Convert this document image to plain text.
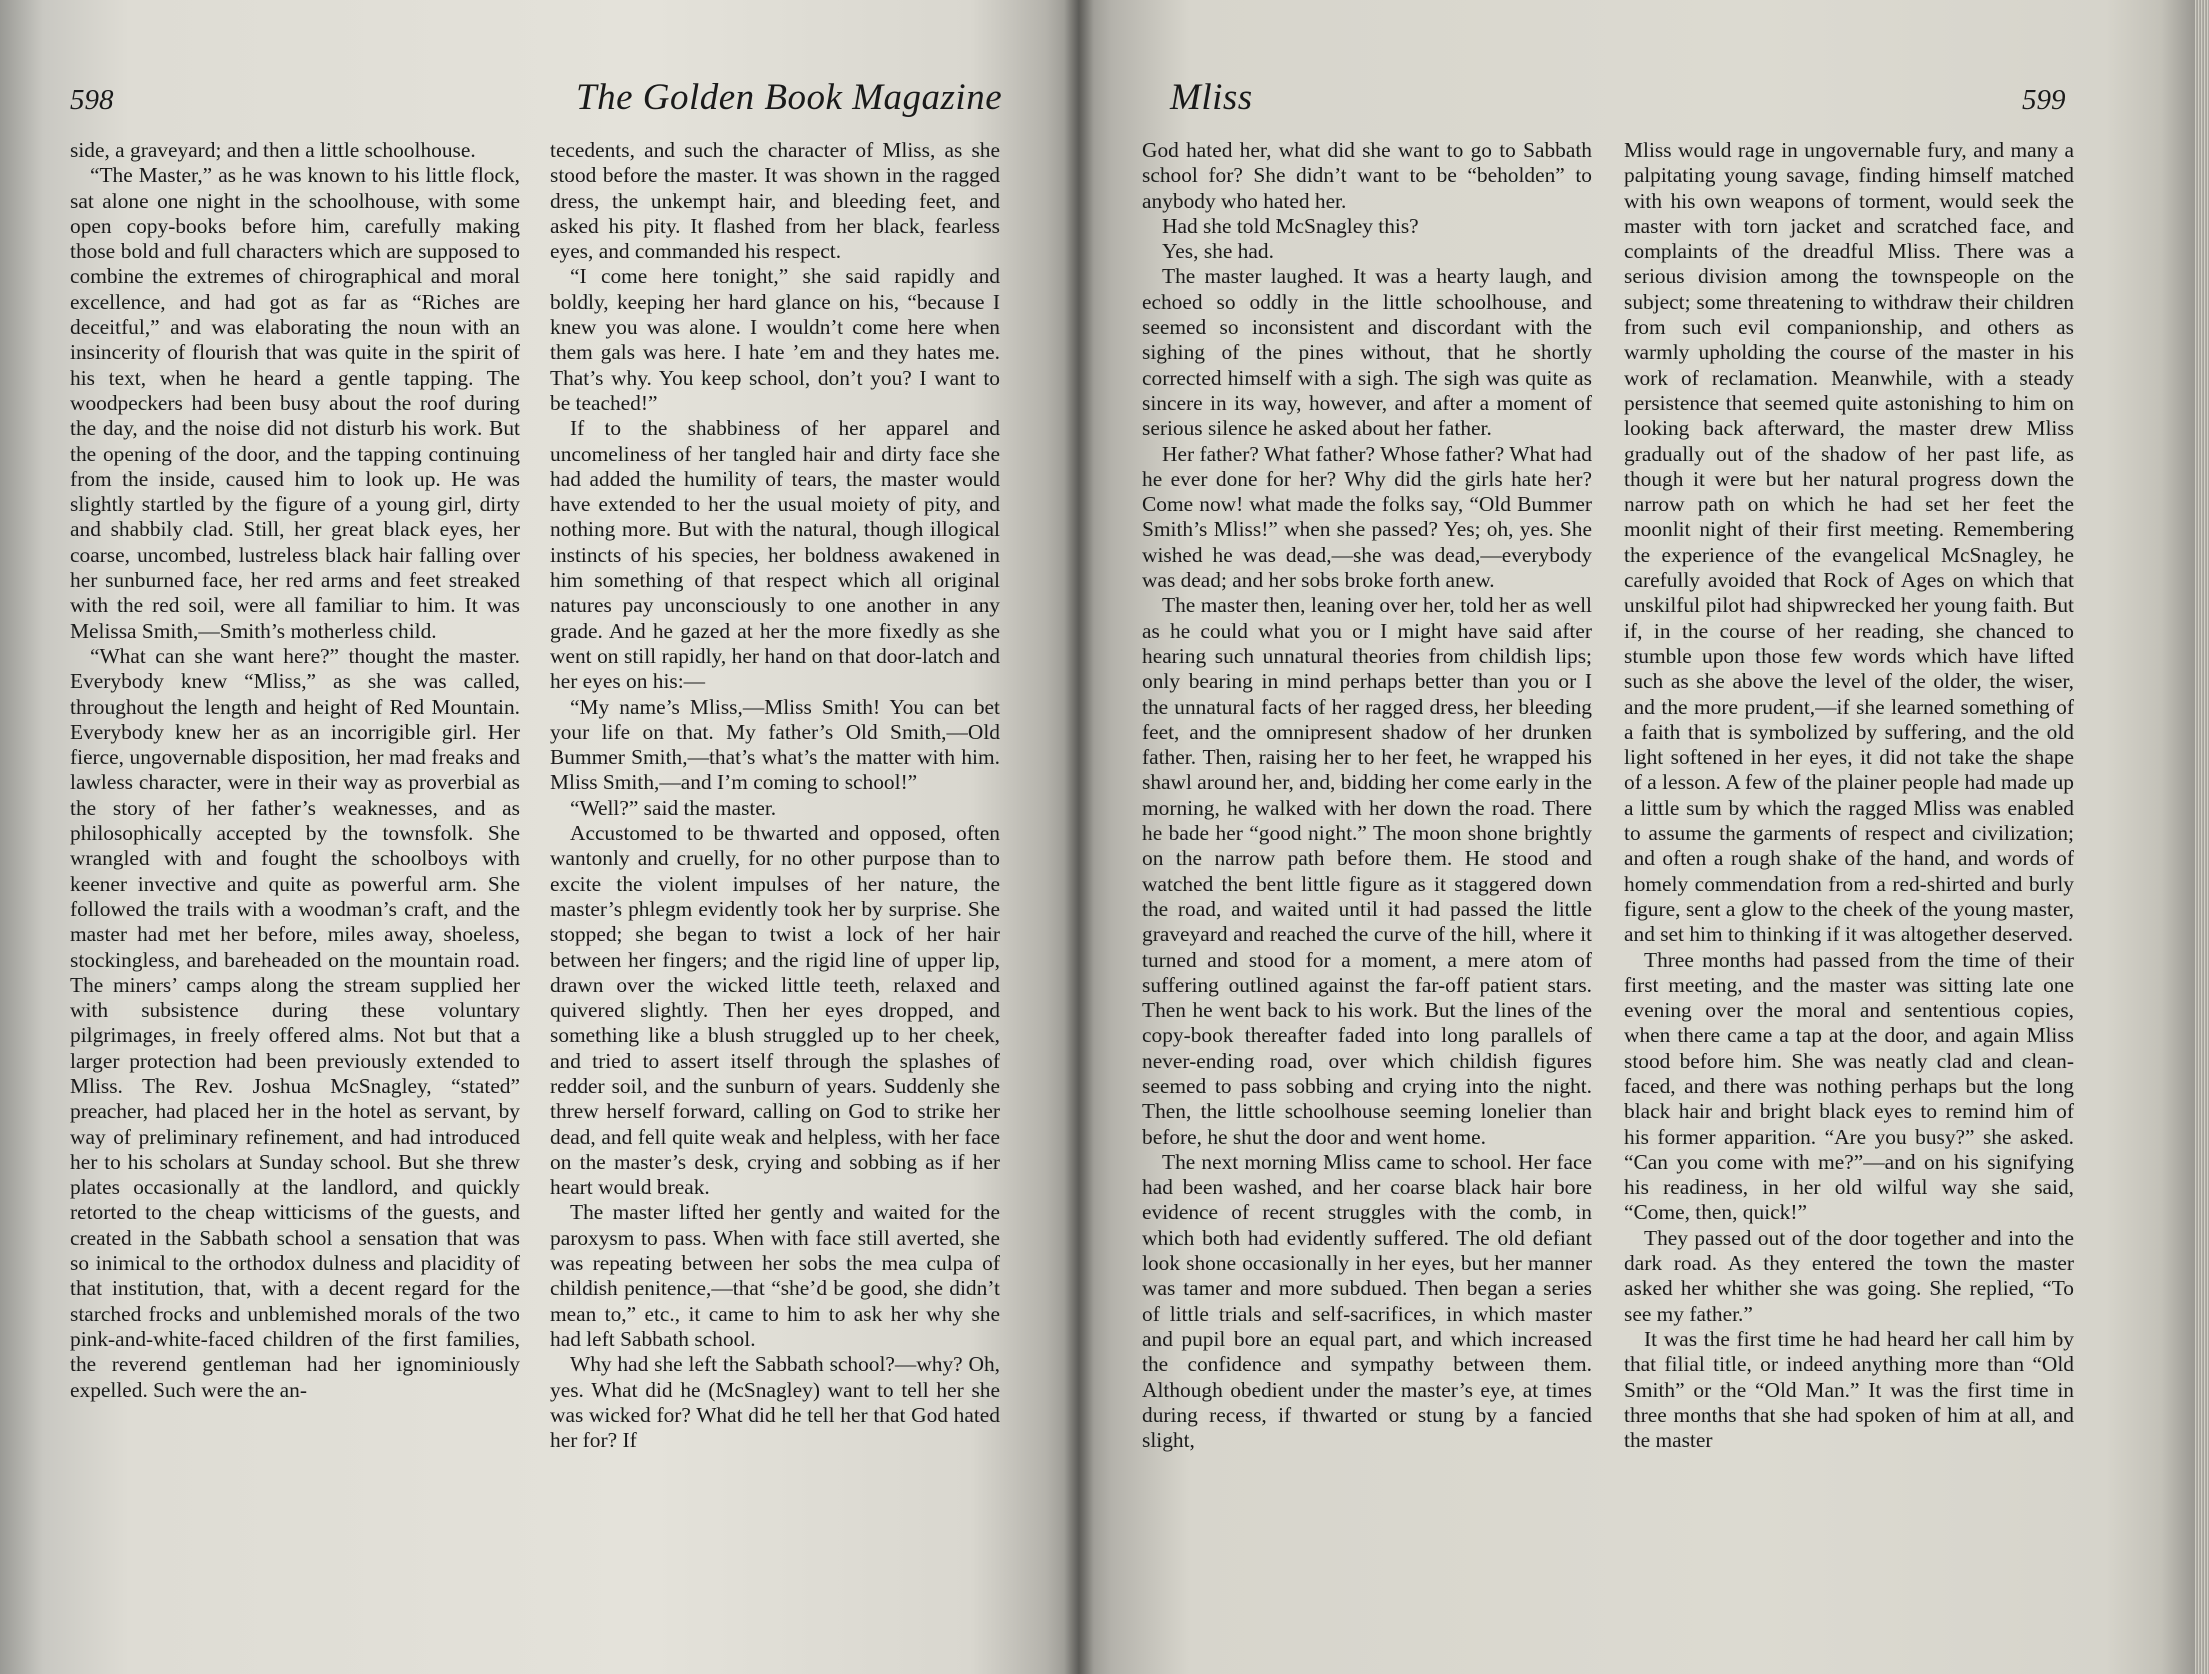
598	The Golden Book Magazine

side, a graveyard; and then a little schoolhouse.

“The Master,” as he was known to his little flock, sat alone one night in the schoolhouse, with some open copy-books before him, carefully making those bold and full characters which are supposed to combine the extremes of chirographical and moral excellence, and had got as far as “Riches are deceitful,” and was elaborating the noun with an insincerity of flourish that was quite in the spirit of his text, when he heard a gentle tapping. The woodpeckers had been busy about the roof during the day, and the noise did not disturb his work. But the opening of the door, and the tapping continuing from the inside, caused him to look up. He was slightly startled by the figure of a young girl, dirty and shabbily clad. Still, her great black eyes, her coarse, uncombed, lustreless black hair falling over her sunburned face, her red arms and feet streaked with the red soil, were all familiar to him. It was Melissa Smith,—Smith’s motherless child.

“What can she want here?” thought the master. Everybody knew “Mliss,” as she was called, throughout the length and height of Red Mountain. Everybody knew her as an incorrigible girl. Her fierce, ungovernable disposition, her mad freaks and lawless character, were in their way as proverbial as the story of her father’s weaknesses, and as philosophically accepted by the townsfolk. She wrangled with and fought the schoolboys with keener invective and quite as powerful arm. She followed the trails with a woodman’s craft, and the master had met her before, miles away, shoeless, stockingless, and bareheaded on the mountain road. The miners’ camps along the stream supplied her with subsistence during these voluntary pilgrimages, in freely offered alms. Not but that a larger protection had been previously extended to Mliss. The Rev. Joshua McSnagley, “stated” preacher, had placed her in the hotel as servant, by way of preliminary refinement, and had introduced her to his scholars at Sunday school. But she threw plates occasionally at the landlord, and quickly retorted to the cheap witticisms of the guests, and created in the Sabbath school a sensation that was so inimical to the orthodox dulness and placidity of that institution, that, with a decent regard for the starched frocks and unblemished morals of the two pink-and-white-faced children of the first families, the reverend gentleman had her ignominiously expelled. Such were the an-

tecedents, and such the character of Mliss, as she stood before the master. It was shown in the ragged dress, the unkempt hair, and bleeding feet, and asked his pity. It flashed from her black, fearless eyes, and commanded his respect.

“I come here tonight,” she said rapidly and boldly, keeping her hard glance on his, “because I knew you was alone. I wouldn’t come here when them gals was here. I hate ’em and they hates me. That’s why. You keep school, don’t you? I want to be teached!”

If to the shabbiness of her apparel and uncomeliness of her tangled hair and dirty face she had added the humility of tears, the master would have extended to her the usual moiety of pity, and nothing more. But with the natural, though illogical instincts of his species, her boldness awakened in him something of that respect which all original natures pay unconsciously to one another in any grade. And he gazed at her the more fixedly as she went on still rapidly, her hand on that door-latch and her eyes on his:—

“My name’s Mliss,—Mliss Smith! You can bet your life on that. My father’s Old Smith,—Old Bummer Smith,—that’s what’s the matter with him. Mliss Smith,—and I’m coming to school!”

“Well?” said the master.

Accustomed to be thwarted and opposed, often wantonly and cruelly, for no other purpose than to excite the violent impulses of her nature, the master’s phlegm evidently took her by surprise. She stopped; she began to twist a lock of her hair between her fingers; and the rigid line of upper lip, drawn over the wicked little teeth, relaxed and quivered slightly. Then her eyes dropped, and something like a blush struggled up to her cheek, and tried to assert itself through the splashes of redder soil, and the sunburn of years. Suddenly she threw herself forward, calling on God to strike her dead, and fell quite weak and helpless, with her face on the master’s desk, crying and sobbing as if her heart would break.

The master lifted her gently and waited for the paroxysm to pass. When with face still averted, she was repeating between her sobs the mea culpa of childish penitence,—that “she’d be good, she didn’t mean to,” etc., it came to him to ask her why she had left Sabbath school.

Why had she left the Sabbath school?—why? Oh, yes. What did he (McSnagley) want to tell her she was wicked for? What did he tell her that God hated her for? If

Mliss	599

God hated her, what did she want to go to Sabbath school for? She didn’t want to be “beholden” to anybody who hated her.

Had she told McSnagley this?

Yes, she had.

The master laughed. It was a hearty laugh, and echoed so oddly in the little schoolhouse, and seemed so inconsistent and discordant with the sighing of the pines without, that he shortly corrected himself with a sigh. The sigh was quite as sincere in its way, however, and after a moment of serious silence he asked about her father.

Her father? What father? Whose father? What had he ever done for her? Why did the girls hate her? Come now! what made the folks say, “Old Bummer Smith’s Mliss!” when she passed? Yes; oh, yes. She wished he was dead,—she was dead,—everybody was dead; and her sobs broke forth anew.

The master then, leaning over her, told her as well as he could what you or I might have said after hearing such unnatural theories from childish lips; only bearing in mind perhaps better than you or I the unnatural facts of her ragged dress, her bleeding feet, and the omnipresent shadow of her drunken father. Then, raising her to her feet, he wrapped his shawl around her, and, bidding her come early in the morning, he walked with her down the road. There he bade her “good night.” The moon shone brightly on the narrow path before them. He stood and watched the bent little figure as it staggered down the road, and waited until it had passed the little graveyard and reached the curve of the hill, where it turned and stood for a moment, a mere atom of suffering outlined against the far-off patient stars. Then he went back to his work. But the lines of the copy-book thereafter faded into long parallels of never-ending road, over which childish figures seemed to pass sobbing and crying into the night. Then, the little schoolhouse seeming lonelier than before, he shut the door and went home.

The next morning Mliss came to school. Her face had been washed, and her coarse black hair bore evidence of recent struggles with the comb, in which both had evidently suffered. The old defiant look shone occasionally in her eyes, but her manner was tamer and more subdued. Then began a series of little trials and self-sacrifices, in which master and pupil bore an equal part, and which increased the confidence and sympathy between them. Although obedient under the master’s eye, at times during recess, if thwarted or stung by a fancied slight,

Mliss would rage in ungovernable fury, and many a palpitating young savage, finding himself matched with his own weapons of torment, would seek the master with torn jacket and scratched face, and complaints of the dreadful Mliss. There was a serious division among the townspeople on the subject; some threatening to withdraw their children from such evil companionship, and others as warmly upholding the course of the master in his work of reclamation. Meanwhile, with a steady persistence that seemed quite astonishing to him on looking back afterward, the master drew Mliss gradually out of the shadow of her past life, as though it were but her natural progress down the narrow path on which he had set her feet the moonlit night of their first meeting. Remembering the experience of the evangelical McSnagley, he carefully avoided that Rock of Ages on which that unskilful pilot had shipwrecked her young faith. But if, in the course of her reading, she chanced to stumble upon those few words which have lifted such as she above the level of the older, the wiser, and the more prudent,—if she learned something of a faith that is symbolized by suffering, and the old light softened in her eyes, it did not take the shape of a lesson. A few of the plainer people had made up a little sum by which the ragged Mliss was enabled to assume the garments of respect and civilization; and often a rough shake of the hand, and words of homely commendation from a red-shirted and burly figure, sent a glow to the cheek of the young master, and set him to thinking if it was altogether deserved.

Three months had passed from the time of their first meeting, and the master was sitting late one evening over the moral and sententious copies, when there came a tap at the door, and again Mliss stood before him. She was neatly clad and clean-faced, and there was nothing perhaps but the long black hair and bright black eyes to remind him of his former apparition. “Are you busy?” she asked. “Can you come with me?”—and on his signifying his readiness, in her old wilful way she said, “Come, then, quick!”

They passed out of the door together and into the dark road. As they entered the town the master asked her whither she was going. She replied, “To see my father.”

It was the first time he had heard her call him by that filial title, or indeed anything more than “Old Smith” or the “Old Man.” It was the first time in three months that she had spoken of him at all, and the master
